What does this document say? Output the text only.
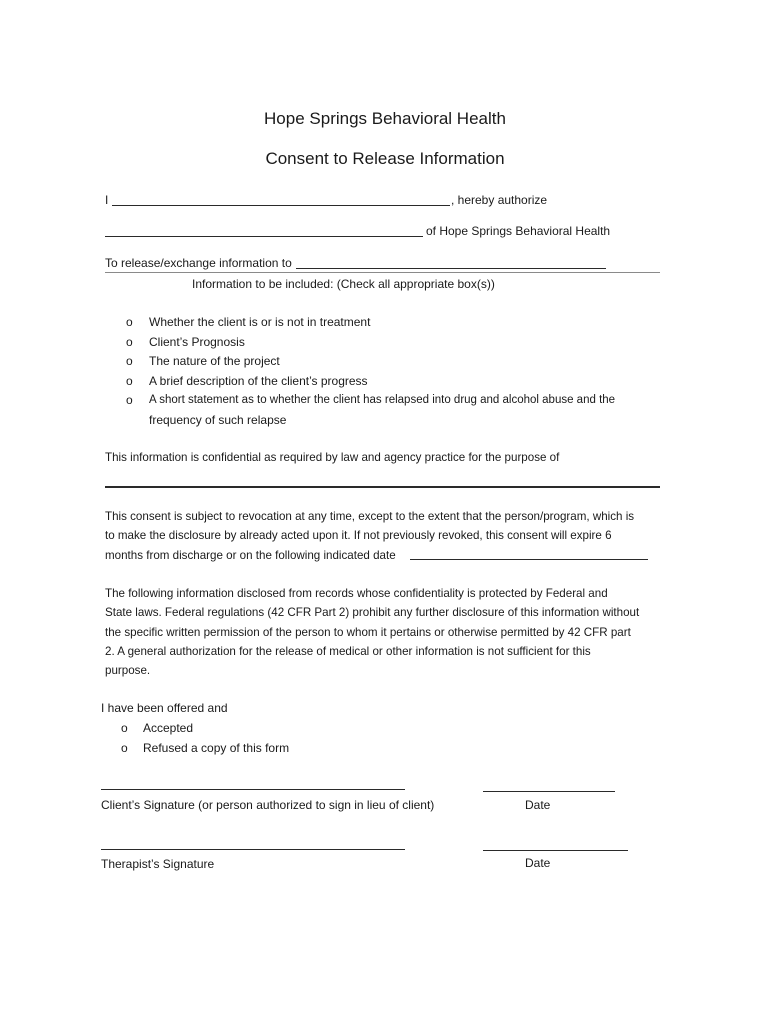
Hope Springs Behavioral Health
Consent to Release Information
I	, hereby authorize
of Hope Springs Behavioral Health
To release/exchange information to
Information to be included: (Check all appropriate box(s))
o	Whether the client is or is not in treatment
o	Client’s Prognosis
o	The nature of the project
o	A brief description of the client’s progress
o	A short statement as to whether the client has relapsed into drug and alcohol abuse and the
frequency of such relapse
This information is confidential as required by law and agency practice for the purpose of
This consent is subject to revocation at any time, except to the extent that the person/program, which is
to make the disclosure by already acted upon it. If not previously revoked, this consent will expire 6
months from discharge or on the following indicated date
The following information disclosed from records whose confidentiality is protected by Federal and
State laws. Federal regulations (42 CFR Part 2) prohibit any further disclosure of this information without
the specific written permission of the person to whom it pertains or otherwise permitted by 42 CFR part
2. A general authorization for the release of medical or other information is not sufficient for this
purpose.
I have been offered and
o	Accepted
o	Refused a copy of this form
Client’s Signature (or person authorized to sign in lieu of client)	Date
Therapist’s Signature	Date
